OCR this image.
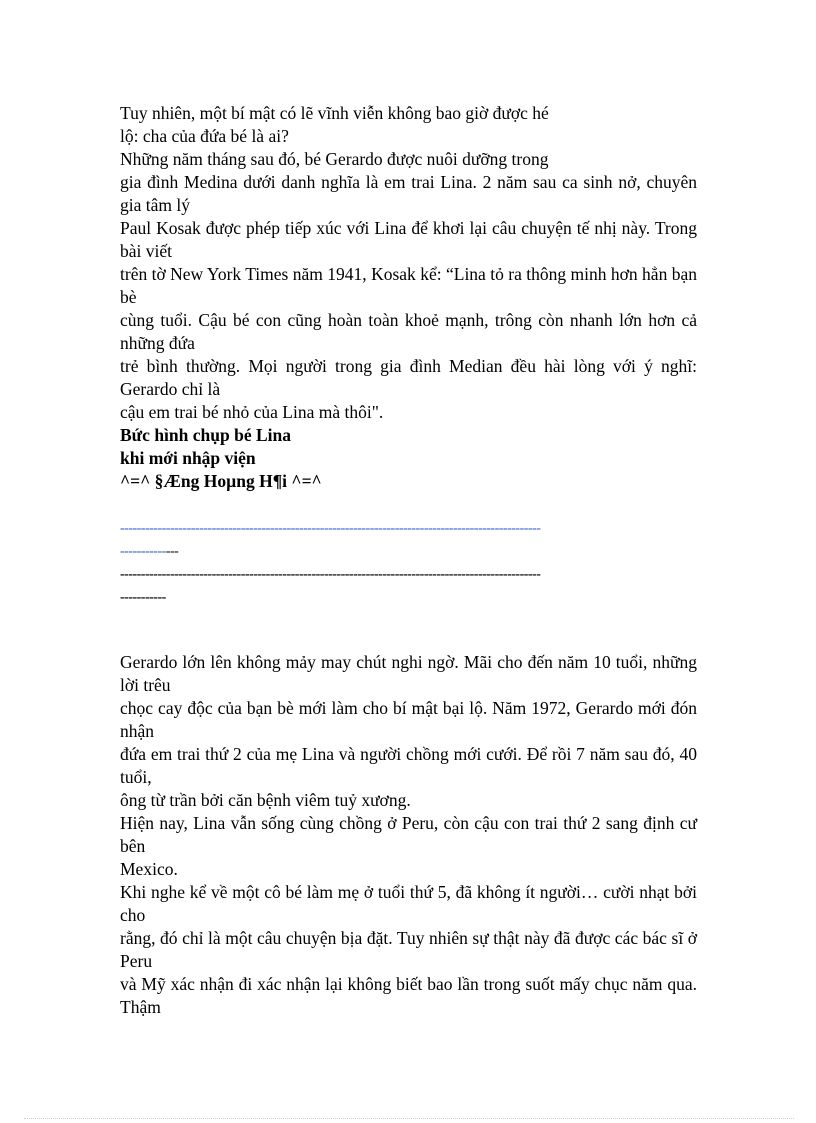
Tuy nhiên, một bí mật có lẽ vĩnh viễn không bao giờ được hé
lộ: cha của đứa bé là ai?
Những năm tháng sau đó, bé Gerardo được nuôi dưỡng trong
gia đình Medina dưới danh nghĩa là em trai Lina. 2 năm sau ca sinh nở, chuyên gia tâm lý
Paul Kosak được phép tiếp xúc với Lina để khơi lại câu chuyện tế nhị này. Trong bài viết
trên tờ New York Times năm 1941, Kosak kể: “Lina tỏ ra thông minh hơn hẳn bạn bè
cùng tuổi. Cậu bé con cũng hoàn toàn khoẻ mạnh, trông còn nhanh lớn hơn cả những đứa
trẻ bình thường. Mọi người trong gia đình Median đều hài lòng với ý nghĩ: Gerardo chỉ là
cậu em trai bé nhỏ của Lina mà thôi".
Bức hình chụp bé Lina
khi mới nhập viện
^=^ §Æng Hoµng H¶i ^=^
-----------------------------------------------------------------------------------------------------
--------------
-----------------------------------------------------------------------------------------------------
-----------
Gerardo lớn lên không mảy may chút nghi ngờ. Mãi cho đến năm 10 tuổi, những lời trêu
chọc cay độc của bạn bè mới làm cho bí mật bại lộ. Năm 1972, Gerardo mới đón nhận
đứa em trai thứ 2 của mẹ Lina và người chồng mới cưới. Để rồi 7 năm sau đó, 40 tuổi,
ông từ trần bởi căn bệnh viêm tuỷ xương.
Hiện nay, Lina vẫn sống cùng chồng ở Peru, còn cậu con trai thứ 2 sang định cư bên
Mexico.
Khi nghe kể về một cô bé làm mẹ ở tuổi thứ 5, đã không ít người… cười nhạt bởi cho
rằng, đó chỉ là một câu chuyện bịa đặt. Tuy nhiên sự thật này đã được các bác sĩ ở Peru
và Mỹ xác nhận đi xác nhận lại không biết bao lần trong suốt mấy chục năm qua. Thậm
